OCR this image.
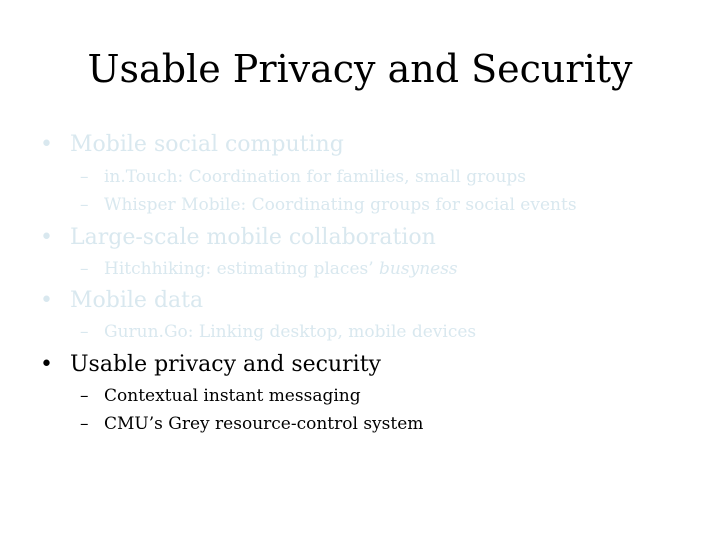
Usable Privacy and Security
• Mobile social computing
– in.Touch: Coordination for families, small groups
– Whisper Mobile: Coordinating groups for social events
• Large-scale mobile collaboration
– Hitchhiking: estimating places’ busyness
• Mobile data
– Gurun.Go: Linking desktop, mobile devices
• Usable privacy and security
– Contextual instant messaging
– CMU’s Grey resource-control system
